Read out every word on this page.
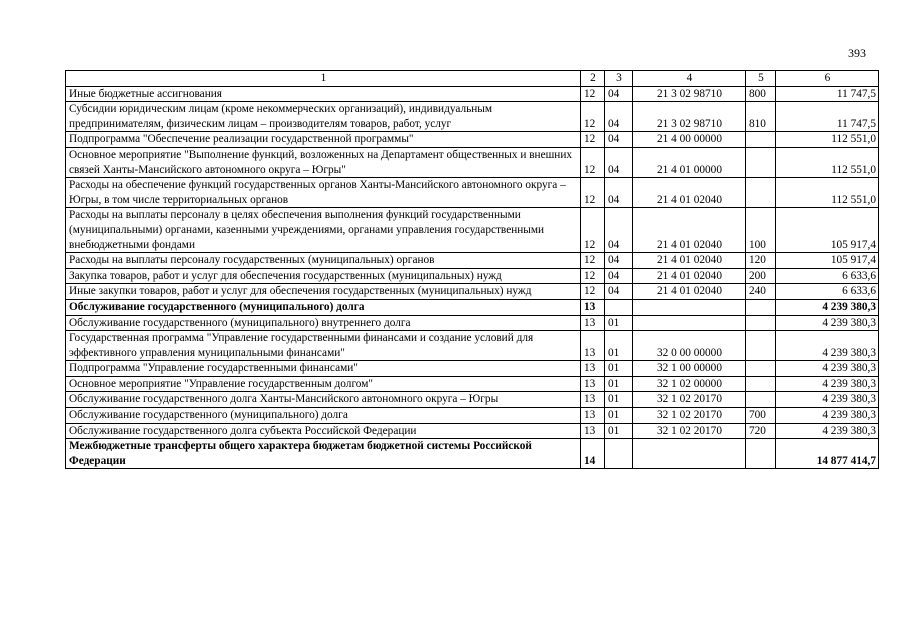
393
1	2	3	4	5	6
Иные бюджетные ассигнования	12	04	21 3 02 98710	800	11 747,5
Субсидии юридическим лицам (кроме некоммерческих организаций), индивидуальным предпринимателям, физическим лицам – производителям товаров, работ, услуг	12	04	21 3 02 98710	810	11 747,5
Подпрограмма "Обеспечение реализации государственной программы"	12	04	21 4 00 00000		112 551,0
Основное мероприятие "Выполнение функций, возложенных на Департамент общественных и внешних связей Ханты-Мансийского автономного округа – Югры"	12	04	21 4 01 00000		112 551,0
Расходы на обеспечение функций государственных органов Ханты-Мансийского автономного округа – Югры, в том числе территориальных органов	12	04	21 4 01 02040		112 551,0
Расходы на выплаты персоналу в целях обеспечения выполнения функций государственными (муниципальными) органами, казенными учреждениями, органами управления государственными внебюджетными фондами	12	04	21 4 01 02040	100	105 917,4
Расходы на выплаты персоналу государственных (муниципальных) органов	12	04	21 4 01 02040	120	105 917,4
Закупка товаров, работ и услуг для обеспечения государственных (муниципальных) нужд	12	04	21 4 01 02040	200	6 633,6
Иные закупки товаров, работ и услуг для обеспечения государственных (муниципальных) нужд	12	04	21 4 01 02040	240	6 633,6
Обслуживание государственного (муниципального) долга	13				4 239 380,3
Обслуживание государственного (муниципального) внутреннего долга	13	01			4 239 380,3
Государственная программа "Управление государственными финансами и создание условий для эффективного управления муниципальными финансами"	13	01	32 0 00 00000		4 239 380,3
Подпрограмма "Управление государственными финансами"	13	01	32 1 00 00000		4 239 380,3
Основное мероприятие "Управление государственным долгом"	13	01	32 1 02 00000		4 239 380,3
Обслуживание государственного долга Ханты-Мансийского автономного округа – Югры	13	01	32 1 02 20170		4 239 380,3
Обслуживание государственного (муниципального) долга	13	01	32 1 02 20170	700	4 239 380,3
Обслуживание государственного долга субъекта Российской Федерации	13	01	32 1 02 20170	720	4 239 380,3
Межбюджетные трансферты общего характера бюджетам бюджетной системы Российской Федерации	14				14 877 414,7
